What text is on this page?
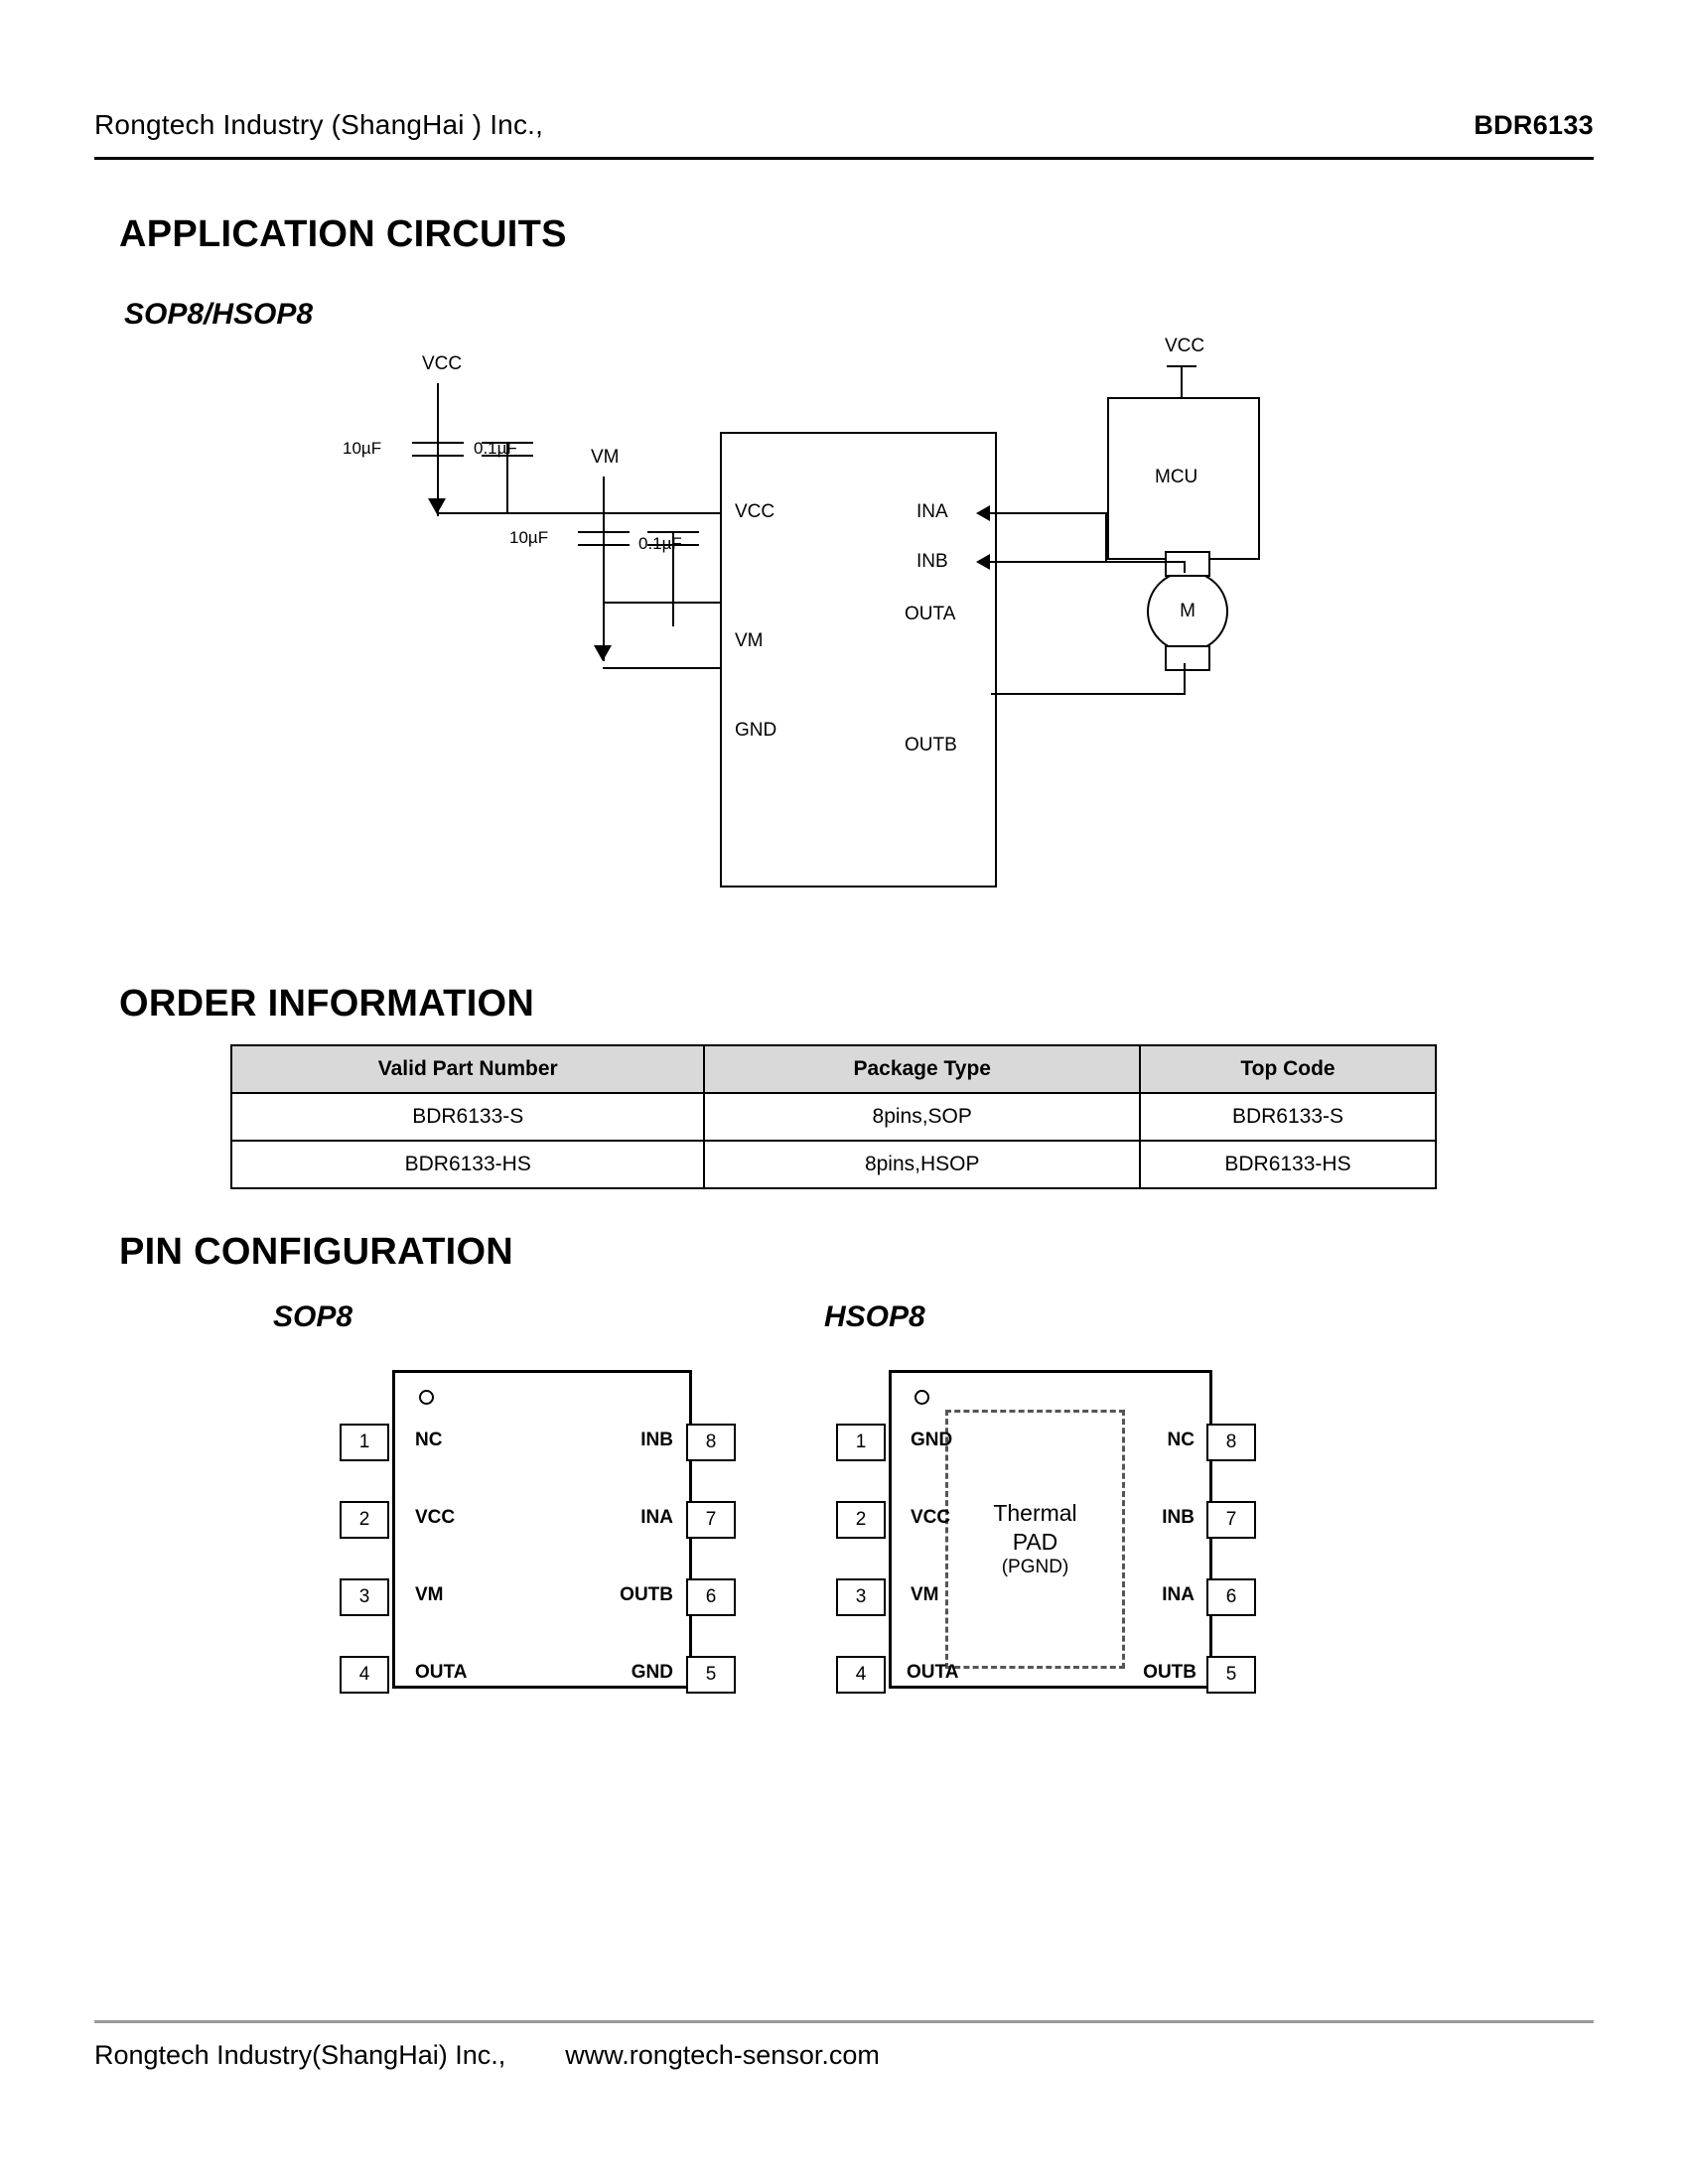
Rongtech Industry (ShangHai ) Inc.,	BDR6133
APPLICATION CIRCUITS
SOP8/HSOP8
VCC
VM
GND
INA
INB
OUTA
OUTB
VCC
10µF	0.1µF	VM
10µF	0.1µF
MCU
VCC
M
ORDER INFORMATION
Valid Part Number	Package Type	Top Code
BDR6133-S	8pins,SOP	BDR6133-S
BDR6133-HS	8pins,HSOP	BDR6133-HS
PIN CONFIGURATION
SOP8
1
2
3
4
NC
VCC
VM
OUTA
8
7
6
5
INB
INA
OUTB
GND
HSOP8
Thermal
PAD
(PGND)
1
2
3
4
GND
VCC
VM
OUTA
8
7
6
5
NC
INB
INA
OUTB
Rongtech Industry(ShangHai) Inc., www.rongtech-sensor.com
